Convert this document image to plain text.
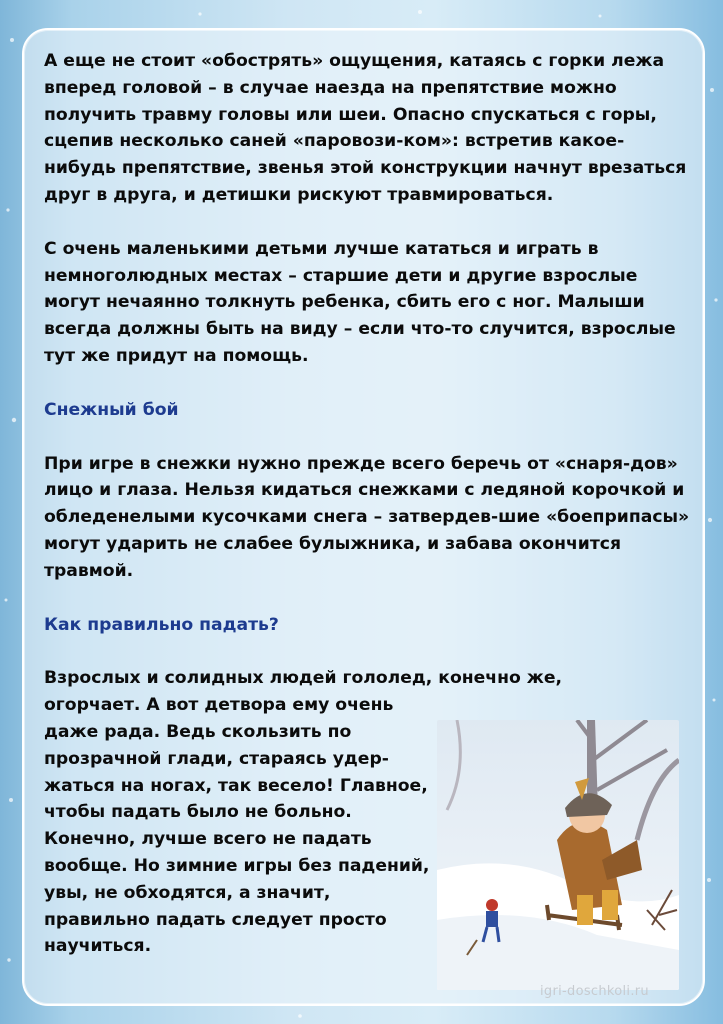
А еще не стоит «обострять» ощущения, катаясь с горки лежа вперед головой – в случае наезда на препятствие можно получить травму головы или шеи. Опасно спускаться с горы, сцепив несколько саней «паровози-ком»: встретив какое-нибудь препятствие, звенья этой конструкции начнут врезаться друг в друга, и детишки рискуют травмироваться.

С очень маленькими детьми лучше кататься и играть в немноголюдных местах – старшие дети и другие взрослые могут нечаянно толкнуть ребенка, сбить его с ног. Малыши всегда должны быть на виду – если что-то случится, взрослые тут же придут на помощь.

Снежный бой

При игре в снежки нужно прежде всего беречь от «снаря-дов» лицо и глаза. Нельзя кидаться снежками с ледяной корочкой и обледенелыми кусочками снега – затвердев-шие «боеприпасы» могут ударить не слабее булыжника, и забава окончится травмой.

Как правильно падать?

Взрослых и солидных людей гололед, конечно же,

огорчает. А вот детвора ему очень даже рада. Ведь скользить по прозрачной глади, стараясь удер-жаться на ногах, так весело! Главное, чтобы падать было не больно.

Конечно, лучше всего не падать вообще. Но зимние игры без падений, увы, не обходятся, а значит, правильно падать следует просто научиться.

igri-doschkoli.ru
